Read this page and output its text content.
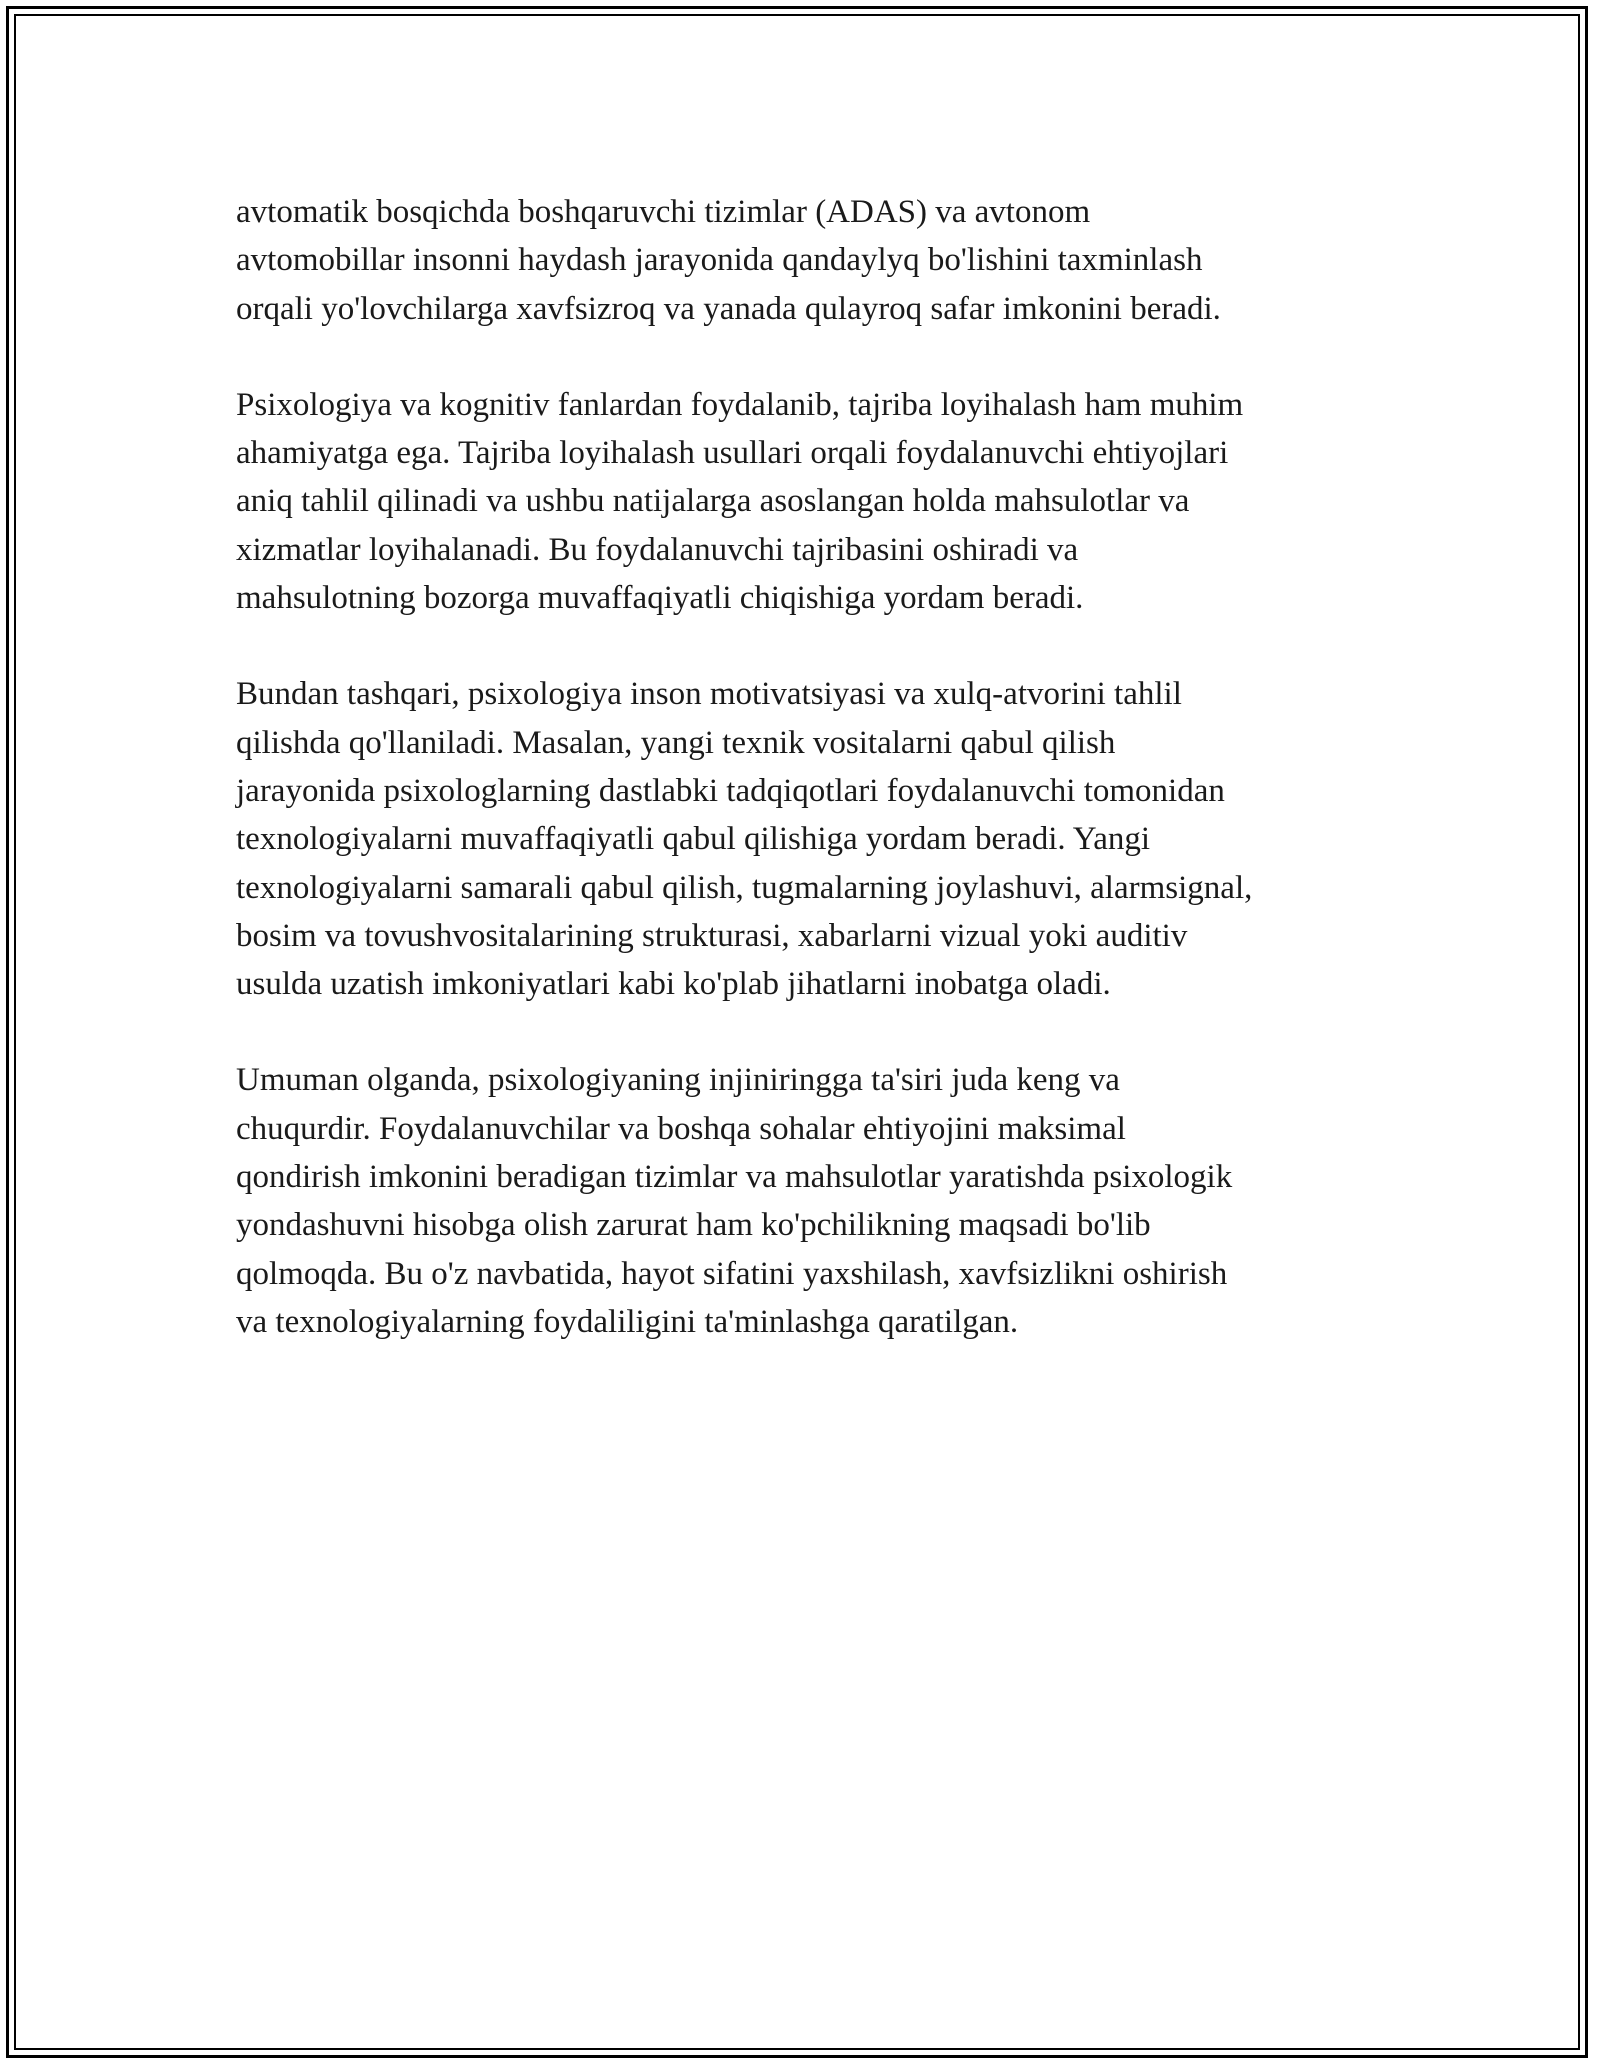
avtomatik bosqichda boshqaruvchi tizimlar (ADAS) va avtonom
avtomobillar insonni haydash jarayonida qandaylyq bo'lishini taxminlash
orqali yo'lovchilarga xavfsizroq va yanada qulayroq safar imkonini beradi.

Psixologiya va kognitiv fanlardan foydalanib, tajriba loyihalash ham muhim
ahamiyatga ega. Tajriba loyihalash usullari orqali foydalanuvchi ehtiyojlari
aniq tahlil qilinadi va ushbu natijalarga asoslangan holda mahsulotlar va
xizmatlar loyihalanadi. Bu foydalanuvchi tajribasini oshiradi va
mahsulotning bozorga muvaffaqiyatli chiqishiga yordam beradi.

Bundan tashqari, psixologiya inson motivatsiyasi va xulq-atvorini tahlil
qilishda qo'llaniladi. Masalan, yangi texnik vositalarni qabul qilish
jarayonida psixologlarning dastlabki tadqiqotlari foydalanuvchi tomonidan
texnologiyalarni muvaffaqiyatli qabul qilishiga yordam beradi. Yangi
texnologiyalarni samarali qabul qilish, tugmalarning joylashuvi, alarmsignal,
bosim va tovushvositalarining strukturasi, xabarlarni vizual yoki auditiv
usulda uzatish imkoniyatlari kabi ko'plab jihatlarni inobatga oladi.

Umuman olganda, psixologiyaning injiniringga ta'siri juda keng va
chuqurdir. Foydalanuvchilar va boshqa sohalar ehtiyojini maksimal
qondirish imkonini beradigan tizimlar va mahsulotlar yaratishda psixologik
yondashuvni hisobga olish zarurat ham ko'pchilikning maqsadi bo'lib
qolmoqda. Bu o'z navbatida, hayot sifatini yaxshilash, xavfsizlikni oshirish
va texnologiyalarning foydaliligini ta'minlashga qaratilgan.
